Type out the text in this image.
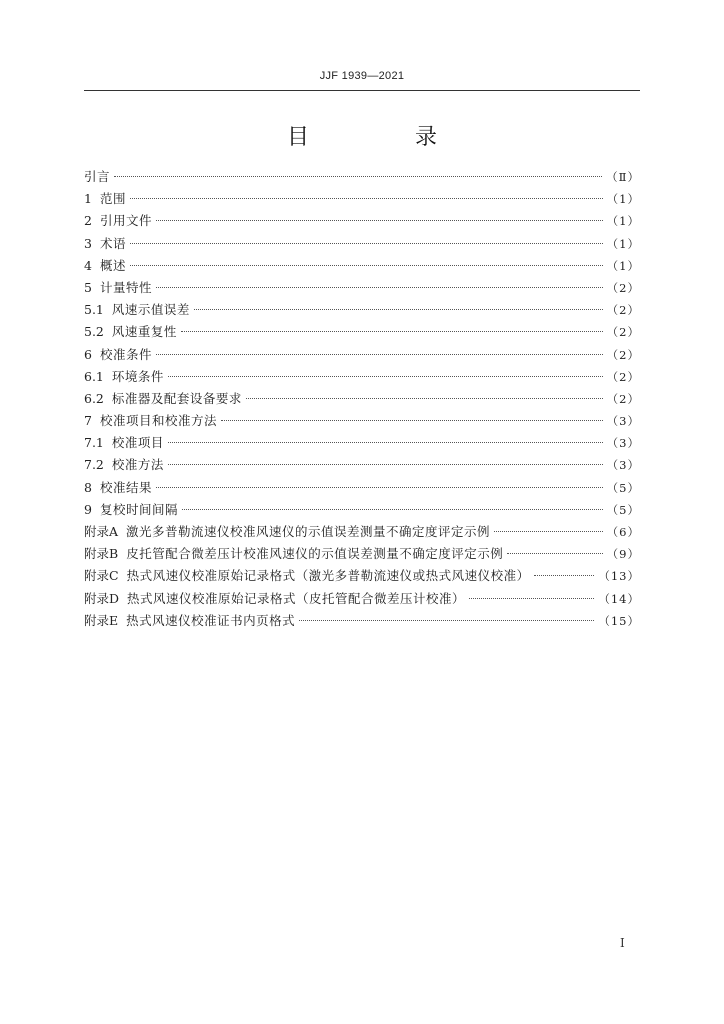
JJF 1939—2021
目　录
引言	（Ⅱ）
1 范围	（1）
2 引用文件	（1）
3 术语	（1）
4 概述	（1）
5 计量特性	（2）
5.1 风速示值误差	（2）
5.2 风速重复性	（2）
6 校准条件	（2）
6.1 环境条件	（2）
6.2 标准器及配套设备要求	（2）
7 校准项目和校准方法	（3）
7.1 校准项目	（3）
7.2 校准方法	（3）
8 校准结果	（5）
9 复校时间间隔	（5）
附录A 激光多普勒流速仪校准风速仪的示值误差测量不确定度评定示例	（6）
附录B 皮托管配合微差压计校准风速仪的示值误差测量不确定度评定示例	（9）
附录C 热式风速仪校准原始记录格式（激光多普勒流速仪或热式风速仪校准）	（13）
附录D 热式风速仪校准原始记录格式（皮托管配合微差压计校准）	（14）
附录E 热式风速仪校准证书内页格式	（15）
I
